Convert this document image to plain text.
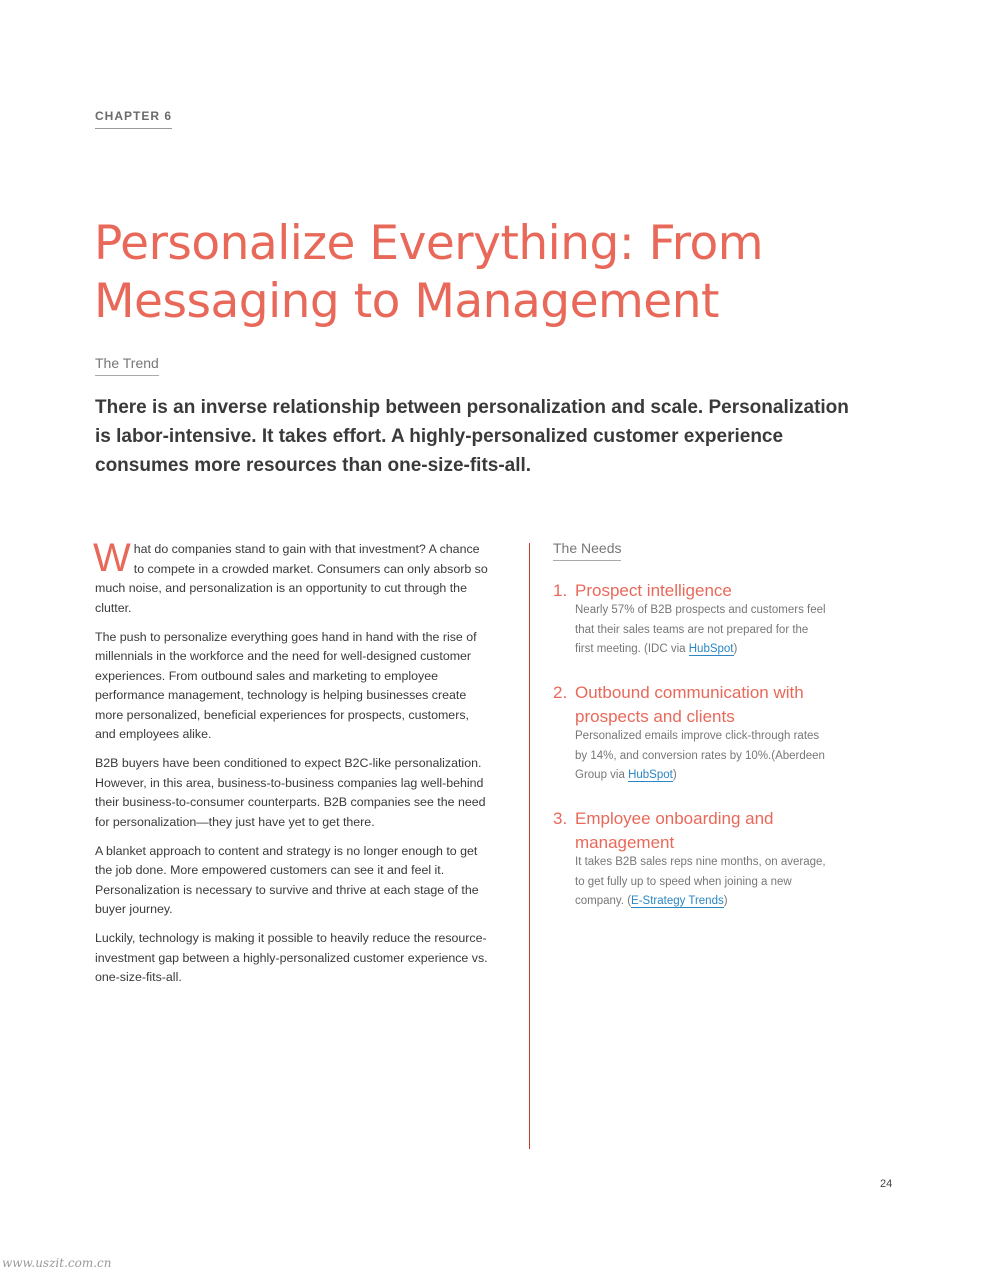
CHAPTER 6
Personalize Everything: From Messaging to Management
The Trend

There is an inverse relationship between personalization and scale. Personalization is labor-intensive. It takes effort. A highly-personalized customer experience consumes more resources than one-size-fits-all.

What do companies stand to gain with that investment? A chance to compete in a crowded market. Consumers can only absorb so much noise, and personalization is an opportunity to cut through the clutter.

The push to personalize everything goes hand in hand with the rise of millennials in the workforce and the need for well-designed customer experiences. From outbound sales and marketing to employee performance management, technology is helping businesses create more personalized, beneficial experiences for prospects, customers, and employees alike.

B2B buyers have been conditioned to expect B2C-like personalization. However, in this area, business-to-business companies lag well-behind their business-to-consumer counterparts. B2B companies see the need for personalization—they just have yet to get there.

A blanket approach to content and strategy is no longer enough to get the job done. More empowered customers can see it and feel it. Personalization is necessary to survive and thrive at each stage of the buyer journey.

Luckily, technology is making it possible to heavily reduce the resource-investment gap between a highly-personalized customer experience vs. one-size-fits-all.

The Needs
1. Prospect intelligence
Nearly 57% of B2B prospects and customers feel that their sales teams are not prepared for the first meeting. (IDC via HubSpot)
2. Outbound communication with prospects and clients
Personalized emails improve click-through rates by 14%, and conversion rates by 10%.(Aberdeen Group via HubSpot)
3. Employee onboarding and management
It takes B2B sales reps nine months, on average, to get fully up to speed when joining a new company. (E-Strategy Trends)
24
www.uszit.com.cn
